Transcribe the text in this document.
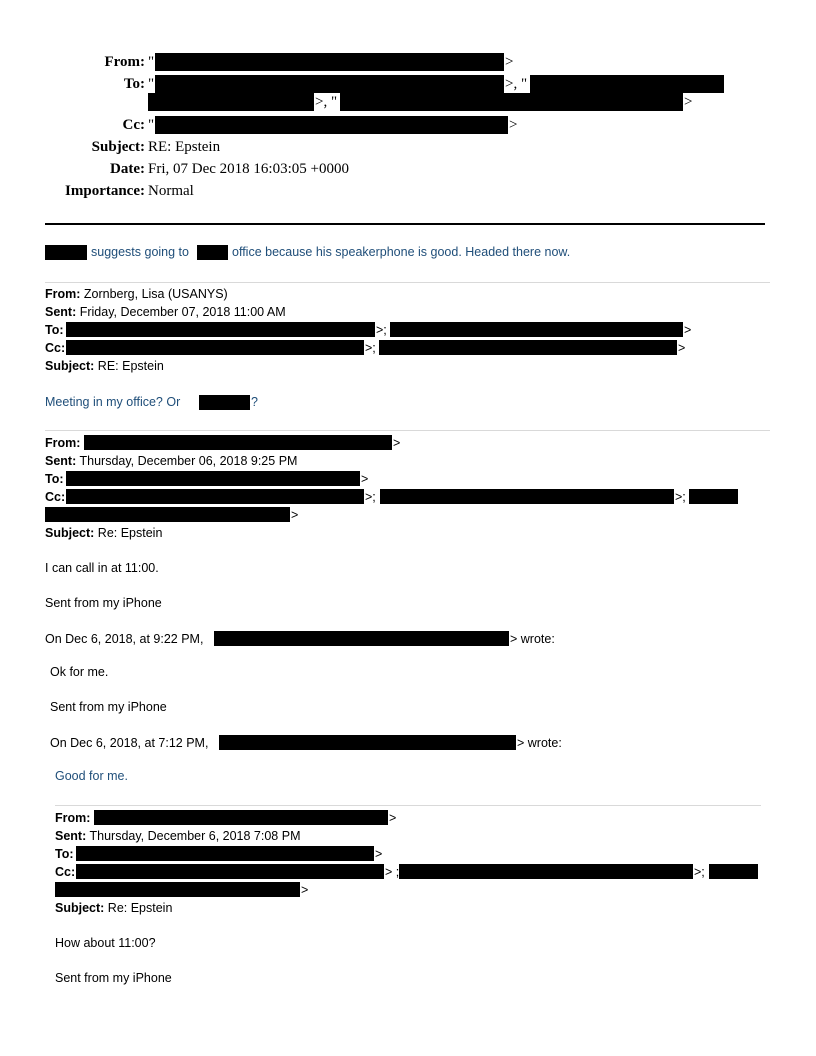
From: "	>
To: "	>, "
>, "	>
Cc: "	>
Subject: RE: Epstein
Date: Fri, 07 Dec 2018 16:03:05 +0000
Importance: Normal
suggests going to	office because his speakerphone is good. Headed there now.
From: Zornberg, Lisa (USANYS)
Sent: Friday, December 07, 2018 11:00 AM
To:	>;	>
Cc:	>;	>
Subject: RE: Epstein
Meeting in my office? Or	?
From:	>
Sent: Thursday, December 06, 2018 9:25 PM
To:	>
Cc:	>;	>;
>
Subject: Re: Epstein
I can call in at 11:00.
Sent from my iPhone
On Dec 6, 2018, at 9:22 PM,	> wrote:
Ok for me.
Sent from my iPhone
On Dec 6, 2018, at 7:12 PM,	> wrote:
Good for me.
From:	>
Sent: Thursday, December 6, 2018 7:08 PM
To:	>
Cc:	> ;	>;
>
Subject: Re: Epstein
How about 11:00?
Sent from my iPhone
